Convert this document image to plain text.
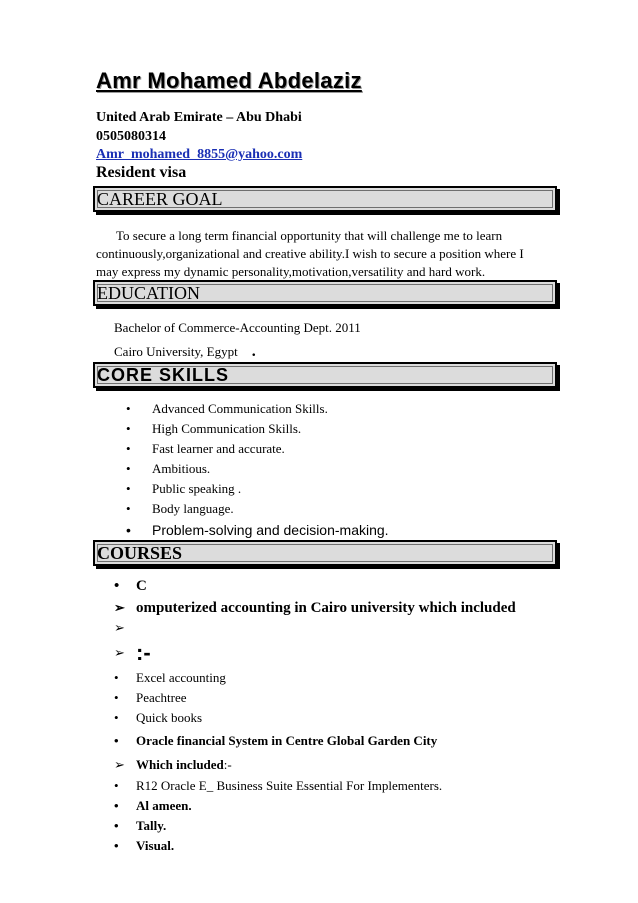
Amr Mohamed Abdelaziz
United Arab Emirate – Abu Dhabi
0505080314
Amr_mohamed_8855@yahoo.com
Resident visa
CAREER GOAL
To secure a long term financial opportunity that will challenge me to learn
continuously,organizational and creative ability.I wish to secure a position where I
may express my dynamic personality,motivation,versatility and hard work.
EDUCATION
Bachelor of Commerce-Accounting Dept. 2011
Cairo University, Egypt .
CORE SKILLS
• Advanced Communication Skills.
• High Communication Skills.
• Fast learner and accurate.
• Ambitious.
• Public speaking .
• Body language.
• Problem-solving and decision-making.
COURSES
• C
➢ omputerized accounting in Cairo university which included
➢
➢ :-
• Excel accounting
• Peachtree
• Quick books
• Oracle financial System in Centre Global Garden City
➢ Which included:-
• R12 Oracle E_ Business Suite Essential For Implementers.
• Al ameen.
• Tally.
• Visual.
